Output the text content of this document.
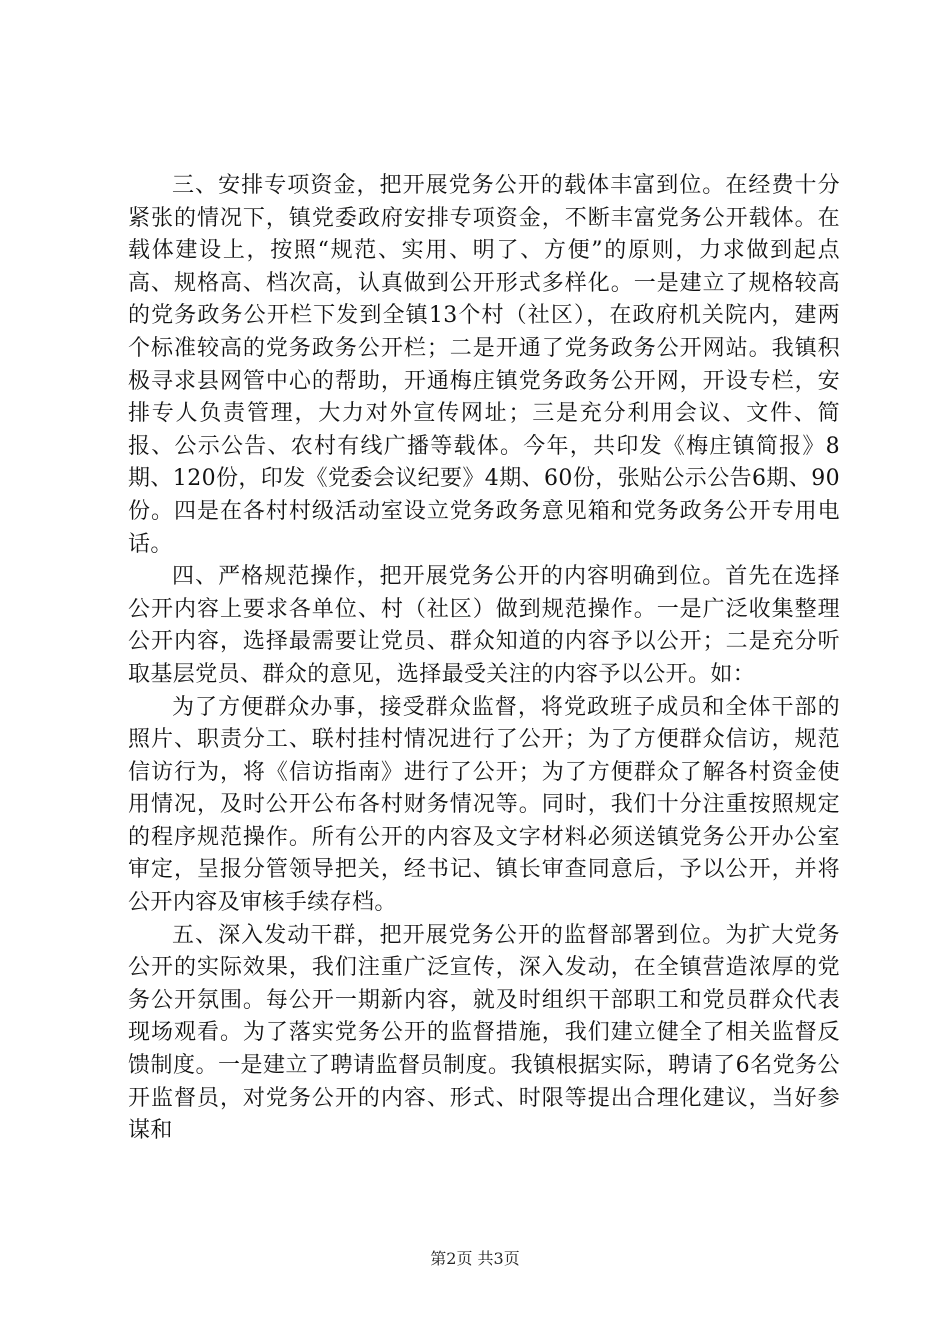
三、安排专项资金，把开展党务公开的载体丰富到位。在经费十分紧张的情况下，镇党委政府安排专项资金，不断丰富党务公开载体。在载体建设上，按照“规范、实用、明了、方便”的原则，力求做到起点高、规格高、档次高，认真做到公开形式多样化。一是建立了规格较高的党务政务公开栏下发到全镇13个村（社区），在政府机关院内，建两个标准较高的党务政务公开栏；二是开通了党务政务公开网站。我镇积极寻求县网管中心的帮助，开通梅庄镇党务政务公开网，开设专栏，安排专人负责管理，大力对外宣传网址；三是充分利用会议、文件、简报、公示公告、农村有线广播等载体。今年，共印发《梅庄镇简报》8期、120份，印发《党委会议纪要》4期、60份，张贴公示公告6期、90份。四是在各村村级活动室设立党务政务意见箱和党务政务公开专用电话。

四、严格规范操作，把开展党务公开的内容明确到位。首先在选择公开内容上要求各单位、村（社区）做到规范操作。一是广泛收集整理公开内容，选择最需要让党员、群众知道的内容予以公开；二是充分听取基层党员、群众的意见，选择最受关注的内容予以公开。如：

为了方便群众办事，接受群众监督，将党政班子成员和全体干部的照片、职责分工、联村挂村情况进行了公开；为了方便群众信访，规范信访行为，将《信访指南》进行了公开；为了方便群众了解各村资金使用情况，及时公开公布各村财务情况等。同时，我们十分注重按照规定的程序规范操作。所有公开的内容及文字材料必须送镇党务公开办公室审定，呈报分管领导把关，经书记、镇长审查同意后，予以公开，并将公开内容及审核手续存档。

五、深入发动干群，把开展党务公开的监督部署到位。为扩大党务公开的实际效果，我们注重广泛宣传，深入发动，在全镇营造浓厚的党务公开氛围。每公开一期新内容，就及时组织干部职工和党员群众代表现场观看。为了落实党务公开的监督措施，我们建立健全了相关监督反馈制度。一是建立了聘请监督员制度。我镇根据实际，聘请了6名党务公开监督员，对党务公开的内容、形式、时限等提出合理化建议，当好参谋和

第2页 共3页
